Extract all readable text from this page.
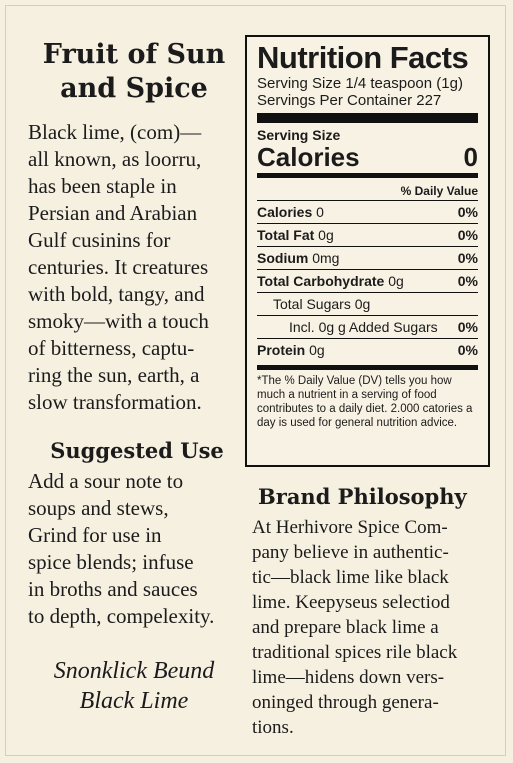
Fruit of Sun
and Spice
Black lime, (com)—
all known, as loorru,
has been staple in
Persian and Arabian
Gulf cusinins for
centuries. It creatures
with bold, tangy, and
smoky—with a touch
of bitterness, captu-
ring the sun, earth, a
slow transformation.
Suggested Use
Add a sour note to
soups and stews,
Grind for use in
spice blends; infuse
in broths and sauces
to depth, compelexity.
Snonklick Beund
Black Lime
Nutrition Facts
Serving Size 1/4 teaspoon (1g)
Servings Per Container 227
Serving Size
Calories	0
% Daily Value
Calories 0	0%
Total Fat 0g	0%
Sodium 0mg	0%
Total Carbohydrate 0g	0%
Total Sugars 0g
Incl. 0g g Added Sugars 0%
Protein 0g	0%
*The % Daily Value (DV) tells you how much a nutrient in a serving of food contributes to a daily diet. 2.000 catories a day is used for general nutrition advice.
Brand Philosophy
At Herhivore Spice Com-
pany believe in authentic-
tic—black lime like black
lime. Keepyseus selectiod
and prepare black lime a
traditional spices rile black
lime—hidens down vers-
oninged through genera-
tions.
